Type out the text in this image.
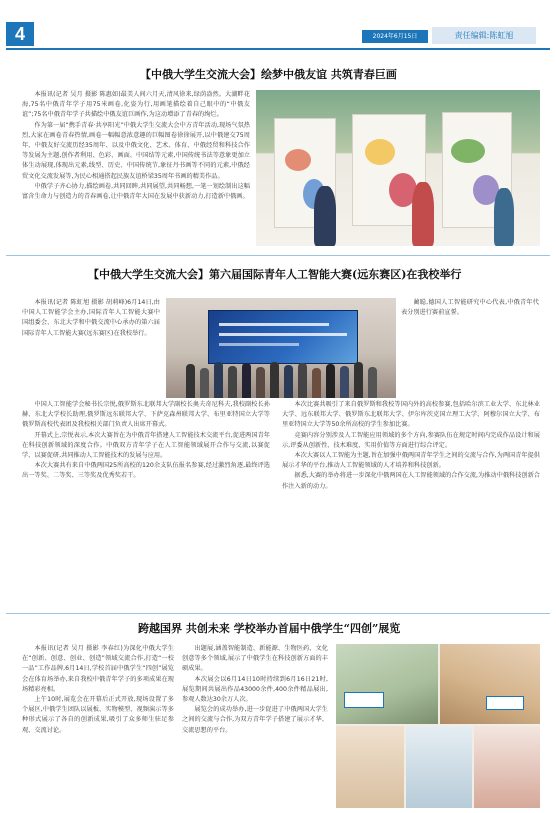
4	2024年6月15日	责任编辑:陈虹旭
【中俄大学生交流大会】绘梦中俄友谊 共筑青春巨画

本报讯(记者 吴月 摄影 陈惠如)最美人间六月天,清风徐来,绿荫盎然。大湖畔花海,75名中俄青年学子用75米画卷,化姿为行,用画笔描绘着自己眼中的“中俄友谊”;75名中俄青年学子共描绘中俄友谊巨画作,为这动增添了青春的绚烂。

作为第一届“携手青春·共享阳光”中俄大学生交流大会中方青年活动,现场气氛热烈,大家在画卷青春热情,画卷一幅幅意浓意趣的巨幅图卷徐徐展开,以中俄建交75周年、中俄友好交流历经35周年、以及中俄文化、艺术、体育、中俄经贸和科技合作等发展为主题,创作者利用、色彩、画面、中国结等元素,中国传统书法等意象更加立体生动展现,体现出元素,线型、历史、中国传统节,象征丹书画等不同的元素,中俄经贸文化交流发展等,为民心相通搭起民族友谊桥梁35周年书画的精美作品。

中俄学子齐心协力,描绘画卷,共同回眸,共同展望,共同畅想,一笔一划绘制出这幅富含生命力与创造力的青春画卷,让中俄青年大国在发展中获新动力,打造新中俄画。

【中俄大学生交流大会】第六届国际青年人工智能大赛(远东赛区)在我校举行

本报讯(记者 陈虹旭 摄影 胡莉峰)6月14日,由中国人工智能学会主办,国际青年人工智能大赛中国组委会、东北大学和中俄交流中心承办的第六届国际青年人工智能大赛(远东赛区)在我校举行。

蔺聪,德国人工智能研究中心代表,中俄青年代表分别进行赛前宣誓。

中国人工智能学会秘书长宗悦,俄罗斯东北联邦大学副校长奥夫奇尼科夫,我校副校长孙赫、东北大学校长助理,俄罗斯远东联邦大学、下萨克森州联邦大学、布里亚特国立大学等俄罗斯高校代表团及我校相关部门负责人出席开幕式。

开幕式上,宗悦表示,本次大赛旨在为中俄青年搭建人工智能技术交流平台,促进两国青年在科技创新领域的深度合作。中俄双方青年学子在人工智能领域展开合作与交流,以赛促学、以赛促研,共同推动人工智能技术的发展与应用。

本次大赛共有来自中俄两国25所高校的120余支队伍报名参赛,经过激烈角逐,最终评选出一等奖、二等奖、三等奖及优秀奖若干。

本次比赛共吸引了来自俄罗斯和我校等国内外的高校参赛,包括哈尔滨工业大学、东北林业大学、远东联邦大学、俄罗斯东北联邦大学、伊尔库茨克国立理工大学、阿穆尔国立大学、布里亚特国立大学等50余所高校的学生参加比赛。

竞赛内容分别涉及人工智能应用领域的多个方向,参赛队伍在规定时间内完成作品设计和展示,评委从创新性、技术难度、实用价值等方面进行综合评定。

本次大赛以人工智能为主题,旨在加强中俄两国青年学生之间的交流与合作,为两国青年提供展示才华的平台,推动人工智能领域的人才培养和科技创新。

据悉,大赛的举办将进一步深化中俄两国在人工智能领域的合作交流,为推动中俄科技创新合作注入新的动力。

跨越国界 共创未来 学校举办首届中俄学生“四创”展览

本报讯(记者 吴月 摄影 李春红)为深化中俄大学生在“创新、创意、创业、创造”领域交流合作,打造“一校一品”工作品牌,6月14日,学校首届中俄学生“四创”展览会在体育场举办,来自我校中俄青年学子的多项成果在现场精彩亮相。

上午10时,展览会在开幕后正式开放,现场设置了多个展区,中俄学生团队以展板、实物模型、视频演示等多种形式展示了各自的创新成果,吸引了众多师生驻足参观、交流讨论。

出题展,涵盖智能制造、新能源、生物医药、文化创意等多个领域,展示了中俄学生在科技创新方面的丰硕成果。

本次展会以6月14日10时持续到6月16日21时,展览期间共展出作品43000余件,400余件精品展出,参观人数达30余万人次。

展览会的成功举办,进一步促进了中俄两国大学生之间的交流与合作,为双方青年学子搭建了展示才华、交流思想的平台。
